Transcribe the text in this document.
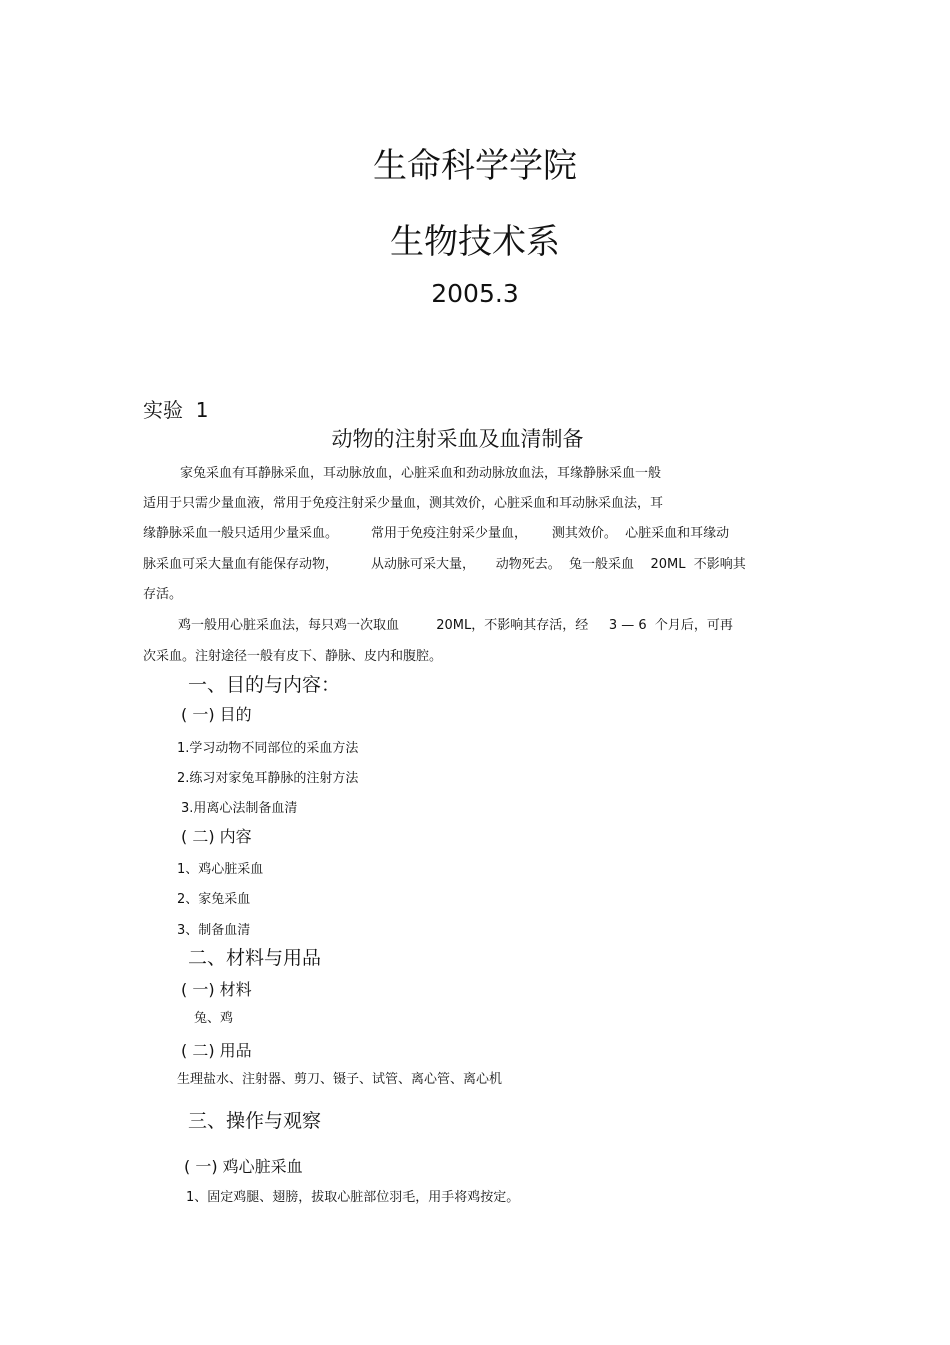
生命科学学院
生物技术系
2005.3
实验  1
动物的注射采血及血清制备
家兔采血有耳静脉采血，耳动脉放血，心脏采血和劲动脉放血法，耳缘静脉采血一般
适用于只需少量血液，常用于免疫注射采少量血，测其效价，心脏采血和耳动脉采血法，耳
缘静脉采血一般只适用少量采血。        常用于免疫注射采少量血，      测其效价。  心脏采血和耳缘动
脉采血可采大量血有能保存动物，        从动脉可采大量，     动物死去。  兔一般采血    20ML  不影响其
存活。
鸡一般用心脏采血法，每只鸡一次取血         20ML，不影响其存活，经     3 — 6  个月后，可再
次采血。注射途径一般有皮下、静脉、皮内和腹腔。
一、目的与内容：
( 一) 目的
1.学习动物不同部位的采血方法
2.练习对家兔耳静脉的注射方法
3.用离心法制备血清
( 二) 内容
1、鸡心脏采血
2、家兔采血
3、制备血清
二、材料与用品
( 一) 材料
兔、鸡
( 二) 用品
生理盐水、注射器、剪刀、镊子、试管、离心管、离心机
三、操作与观察
( 一) 鸡心脏采血
1、固定鸡腿、翅膀，拔取心脏部位羽毛，用手将鸡按定。
